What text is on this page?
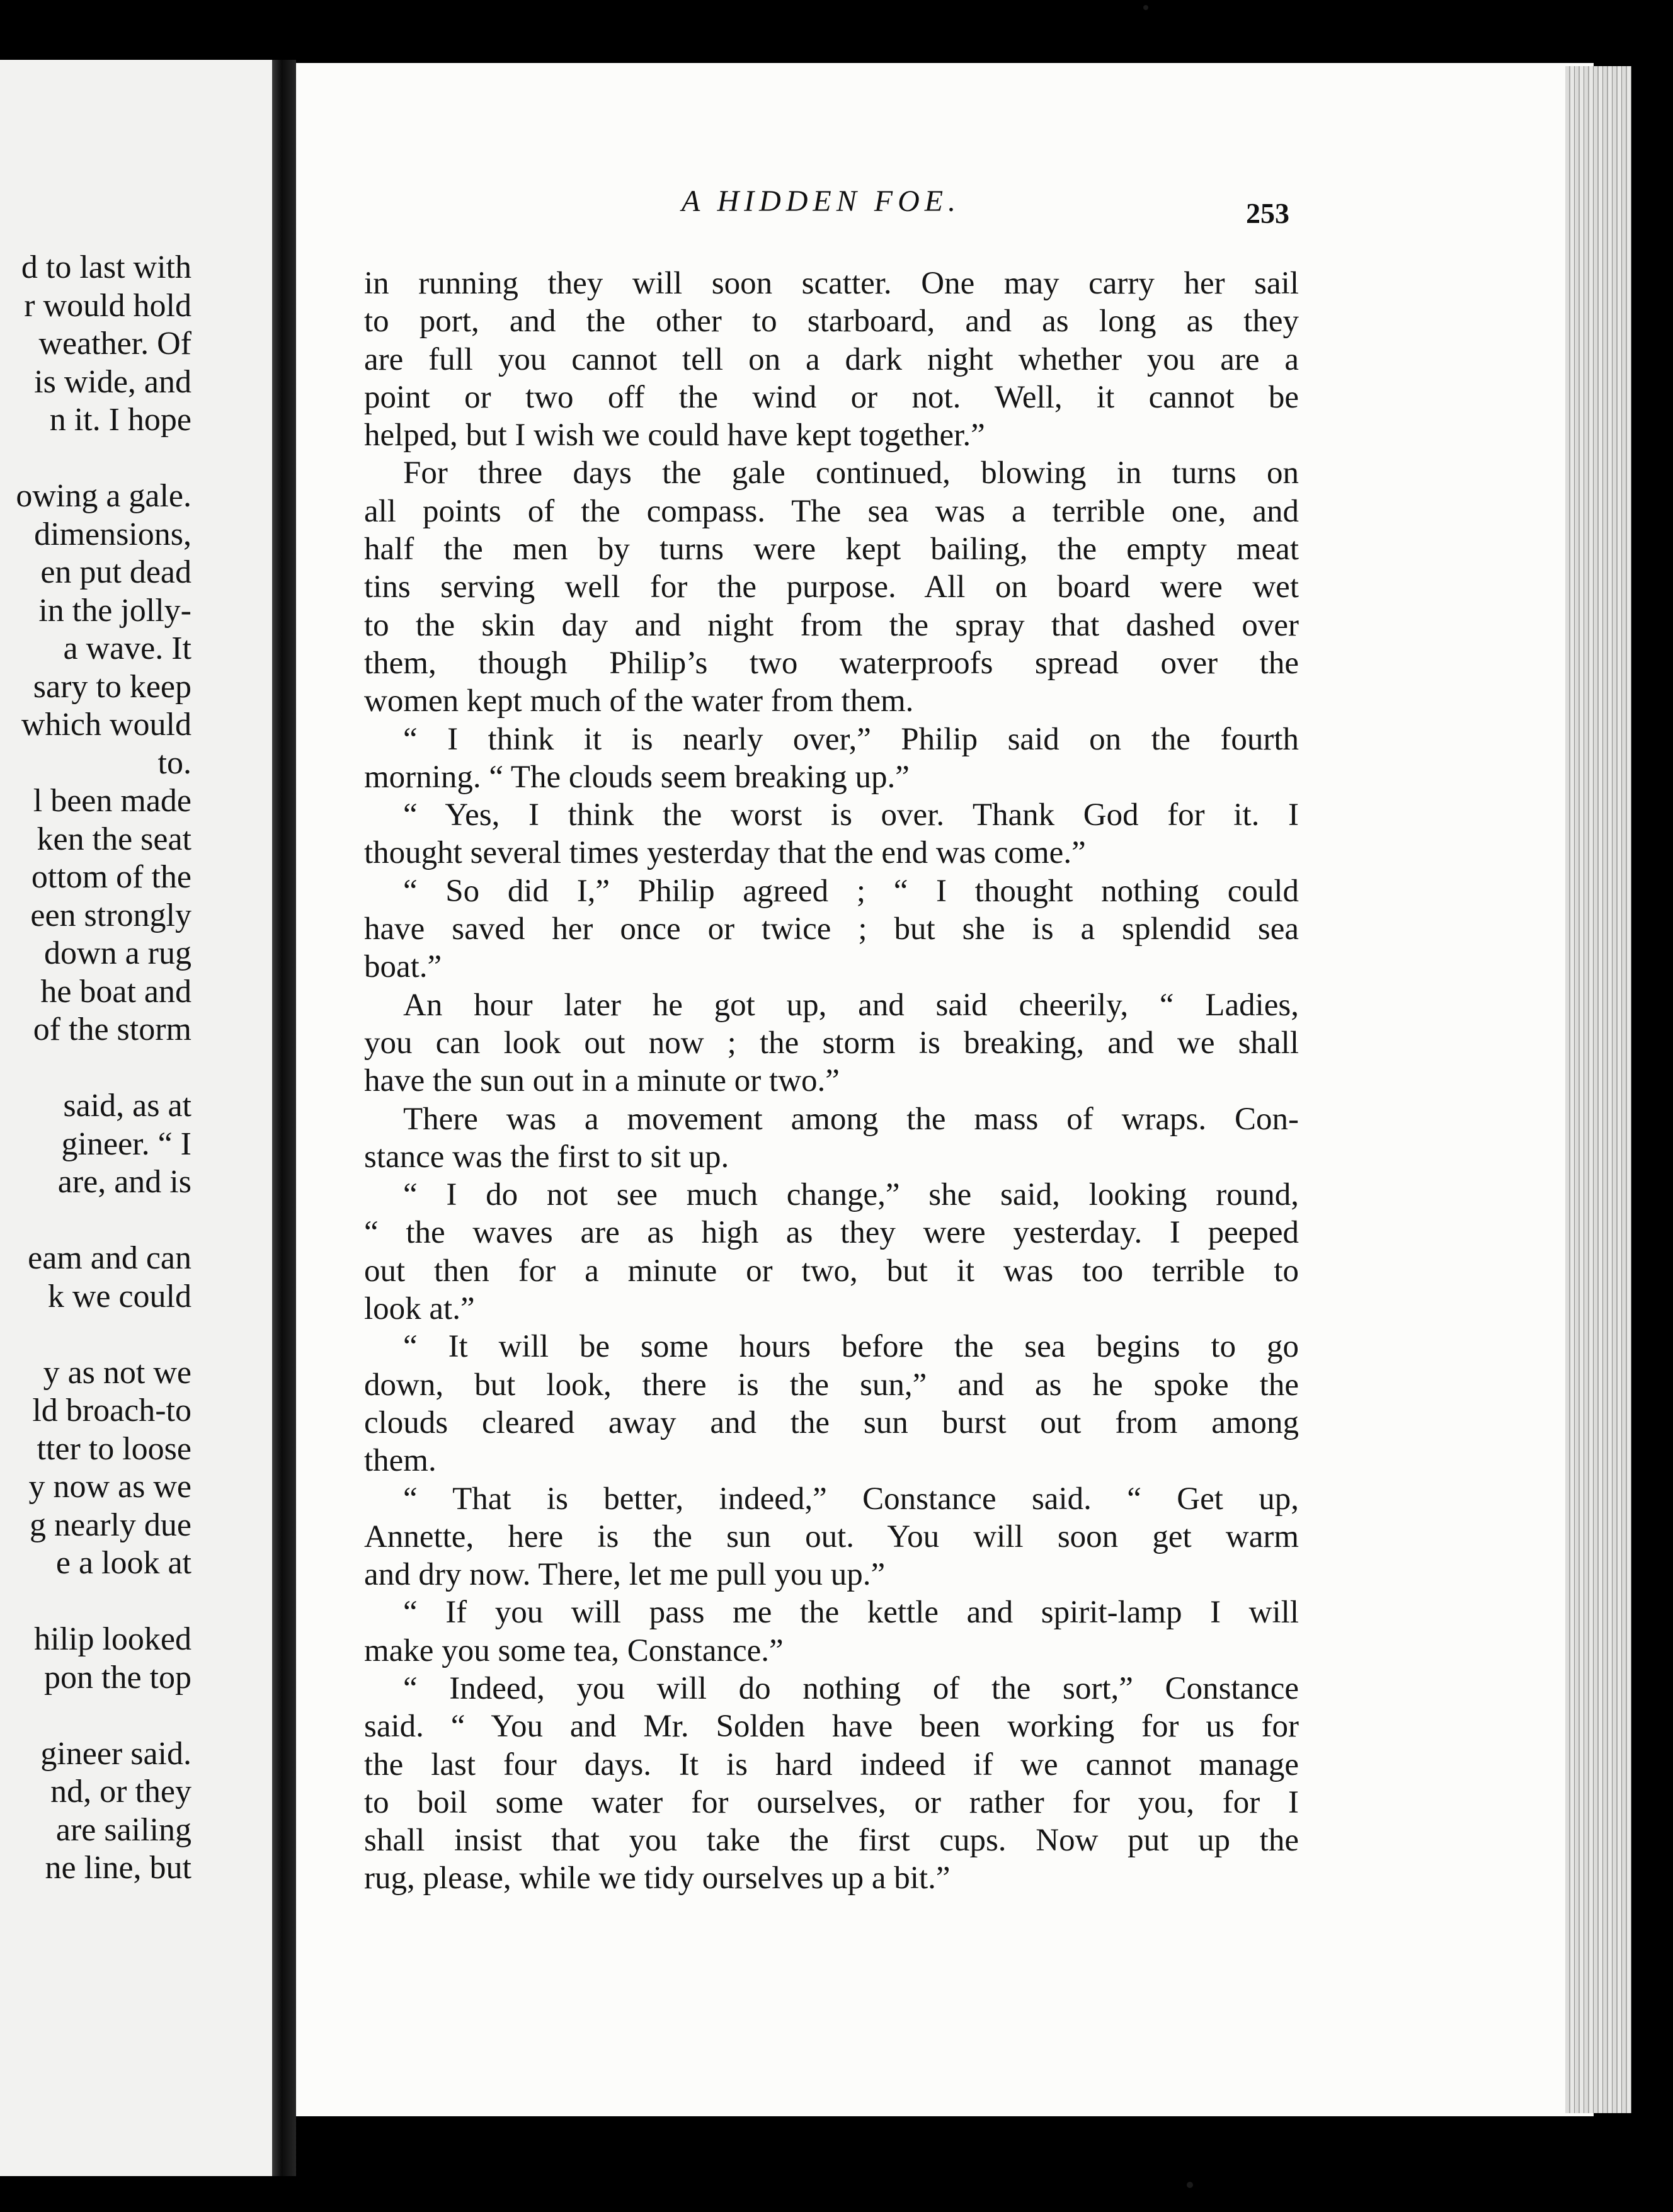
d to last with
r would hold
weather. Of
is wide, and
n it. I hope

owing a gale.
dimensions,
en put dead
in the jolly-
a wave. It
sary to keep
which would
to.
l been made
ken the seat
ottom of the
een strongly
down a rug
he boat and
of the storm

said, as at
gineer. “ I
are, and is

eam and can
k we could

y as not we
ld broach-to
tter to loose
y now as we
g nearly due
e a look at

hilip looked
pon the top

gineer said.
nd, or they
are sailing
ne line, but
A HIDDEN FOE.	253
in running they will soon scatter. One may carry her sail
to port, and the other to starboard, and as long as they
are full you cannot tell on a dark night whether you are a
point or two off the wind or not. Well, it cannot be
helped, but I wish we could have kept together.”
For three days the gale continued, blowing in turns on
all points of the compass. The sea was a terrible one, and
half the men by turns were kept bailing, the empty meat
tins serving well for the purpose. All on board were wet
to the skin day and night from the spray that dashed over
them, though Philip’s two waterproofs spread over the
women kept much of the water from them.
“ I think it is nearly over,” Philip said on the fourth
morning. “ The clouds seem breaking up.”
“ Yes, I think the worst is over. Thank God for it. I
thought several times yesterday that the end was come.”
“ So did I,” Philip agreed ; “ I thought nothing could
have saved her once or twice ; but she is a splendid sea
boat.”
An hour later he got up, and said cheerily, “ Ladies,
you can look out now ; the storm is breaking, and we shall
have the sun out in a minute or two.”
There was a movement among the mass of wraps. Con-
stance was the first to sit up.
“ I do not see much change,” she said, looking round,
“ the waves are as high as they were yesterday. I peeped
out then for a minute or two, but it was too terrible to
look at.”
“ It will be some hours before the sea begins to go
down, but look, there is the sun,” and as he spoke the
clouds cleared away and the sun burst out from among
them.
“ That is better, indeed,” Constance said. “ Get up,
Annette, here is the sun out. You will soon get warm
and dry now. There, let me pull you up.”
“ If you will pass me the kettle and spirit-lamp I will
make you some tea, Constance.”
“ Indeed, you will do nothing of the sort,” Constance
said. “ You and Mr. Solden have been working for us for
the last four days. It is hard indeed if we cannot manage
to boil some water for ourselves, or rather for you, for I
shall insist that you take the first cups. Now put up the
rug, please, while we tidy ourselves up a bit.”
